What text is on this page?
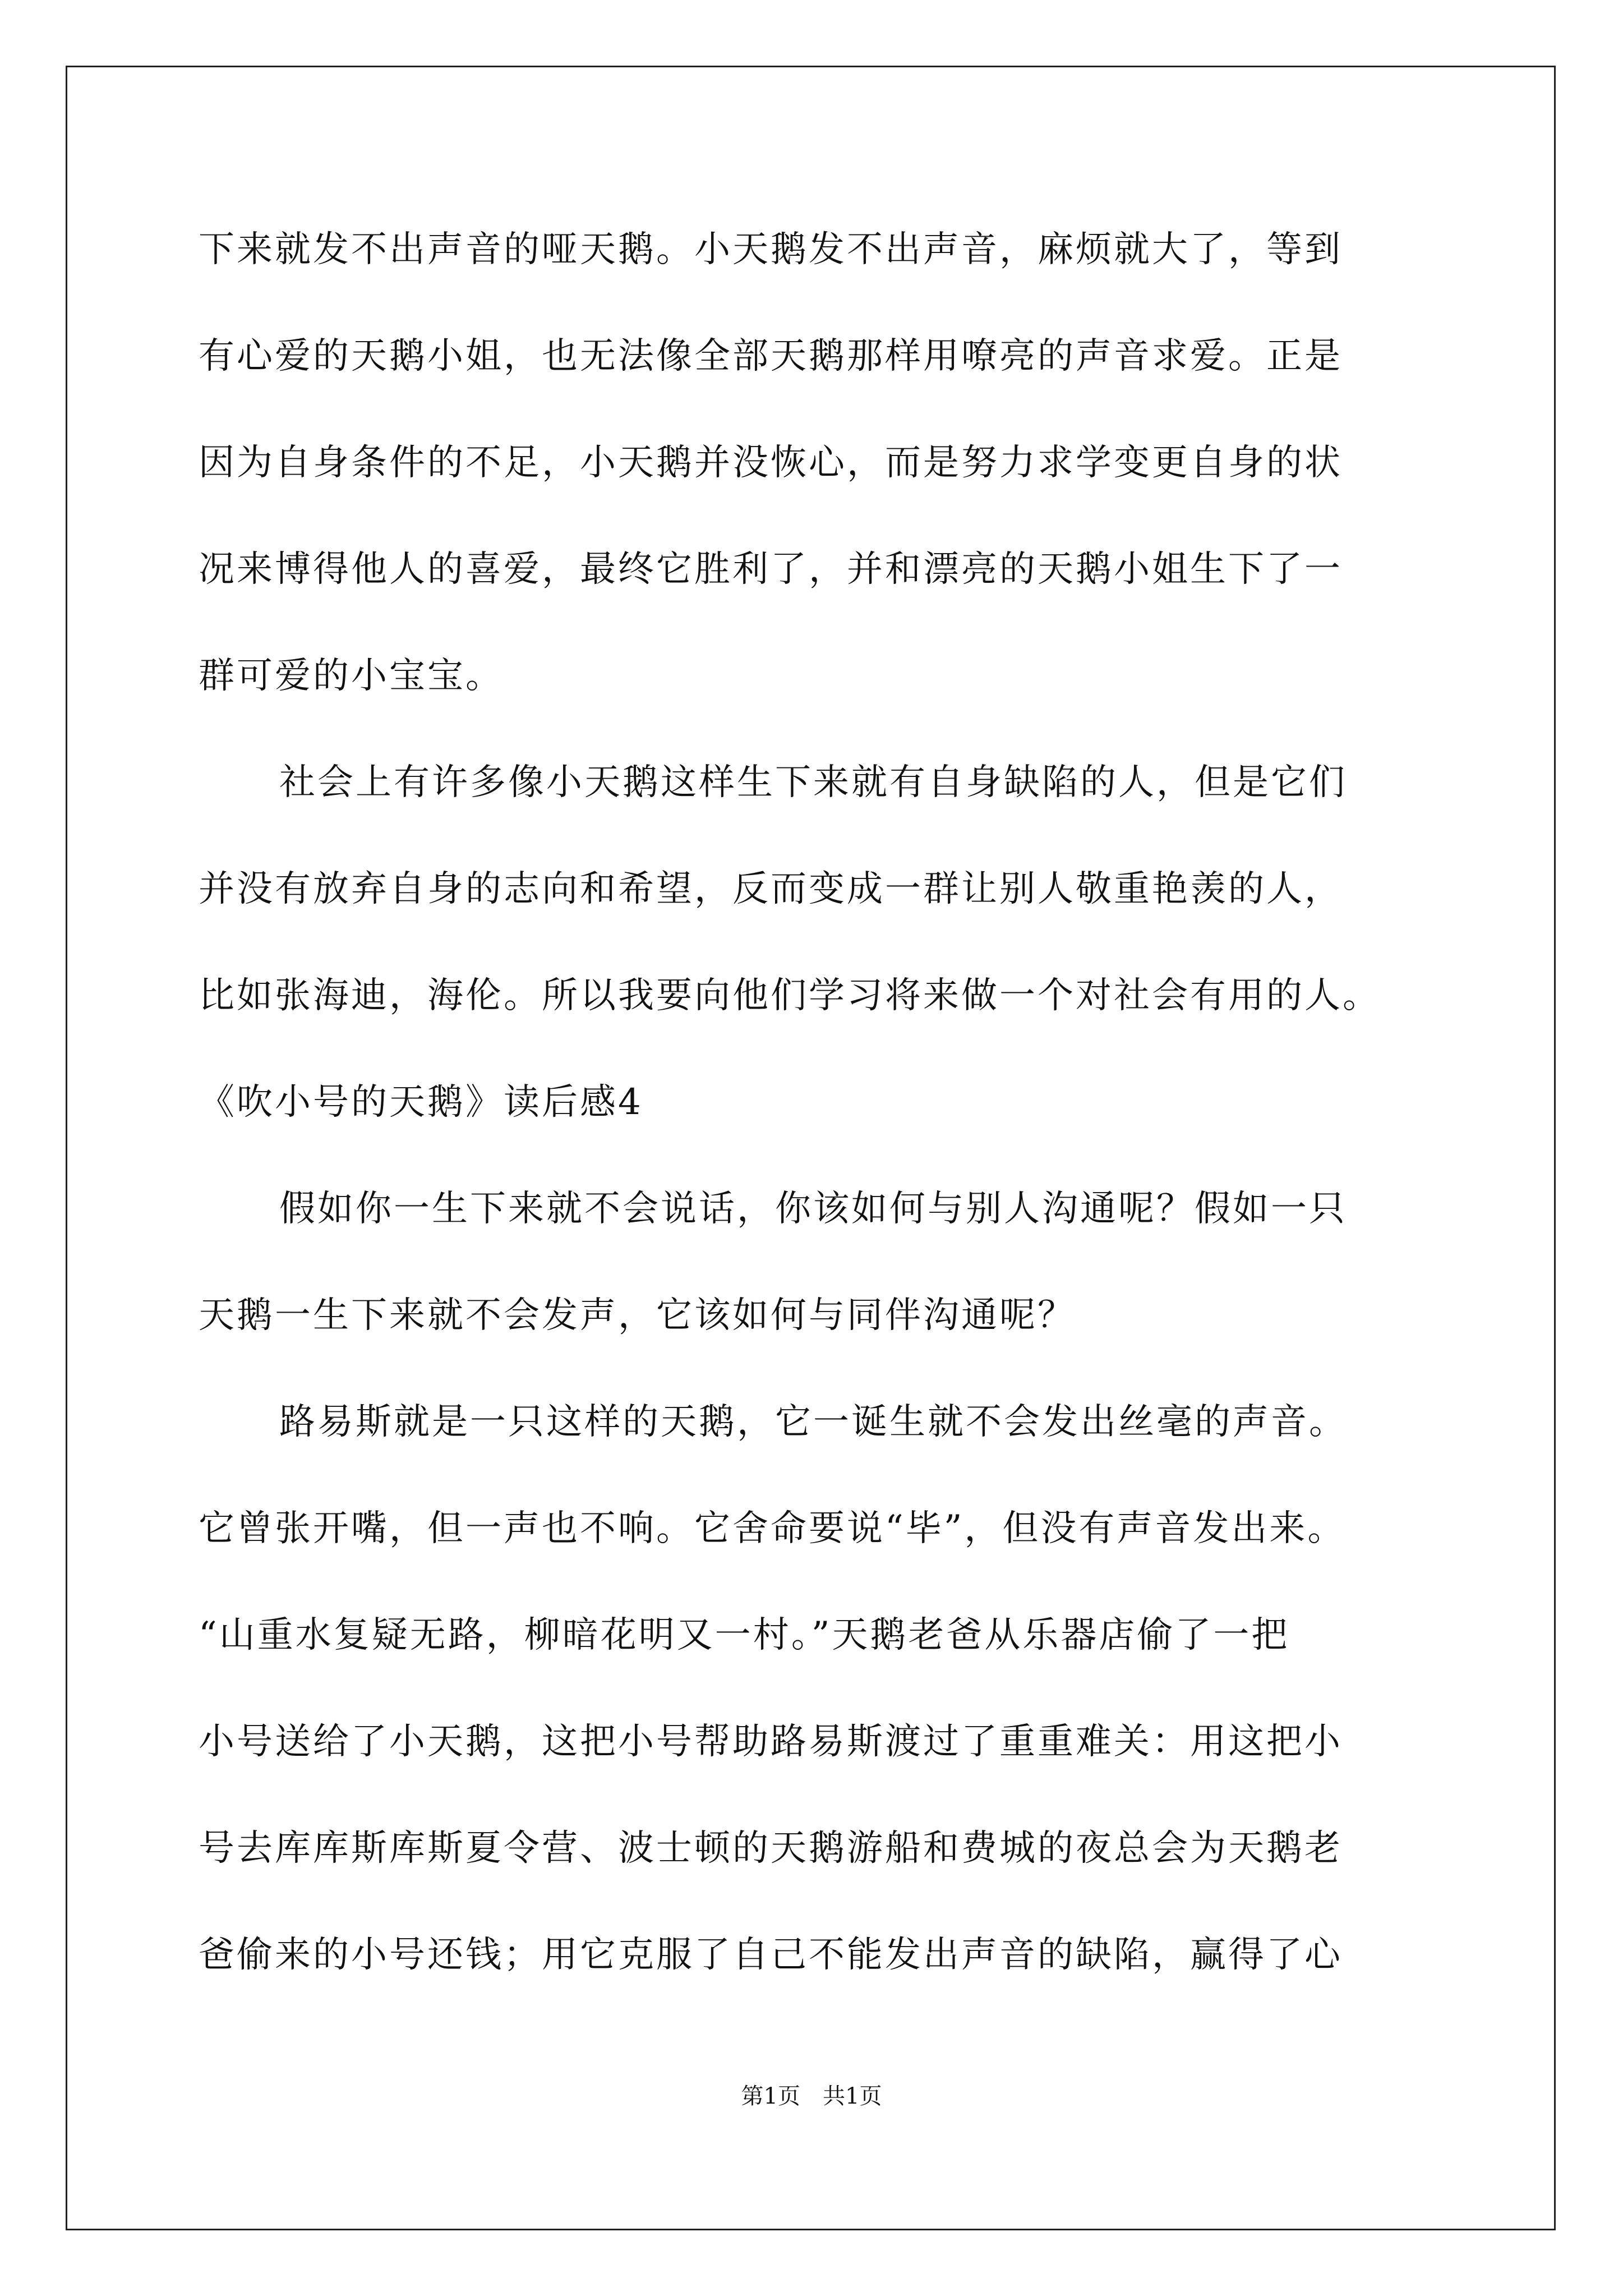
下来就发不出声音的哑天鹅。小天鹅发不出声音，麻烦就大了，等到
有心爱的天鹅小姐，也无法像全部天鹅那样用嘹亮的声音求爱。正是
因为自身条件的不足，小天鹅并没恢心，而是努力求学变更自身的状
况来博得他人的喜爱，最终它胜利了，并和漂亮的天鹅小姐生下了一
群可爱的小宝宝。
社会上有许多像小天鹅这样生下来就有自身缺陷的人，但是它们
并没有放弃自身的志向和希望，反而变成一群让别人敬重艳羡的人，
比如张海迪，海伦。所以我要向他们学习将来做一个对社会有用的人。
《吹小号的天鹅》读后感4
假如你一生下来就不会说话，你该如何与别人沟通呢？假如一只
天鹅一生下来就不会发声，它该如何与同伴沟通呢？
路易斯就是一只这样的天鹅，它一诞生就不会发出丝毫的声音。
它曾张开嘴，但一声也不响。它舍命要说“毕”，但没有声音发出来。
“山重水复疑无路，柳暗花明又一村。”天鹅老爸从乐器店偷了一把
小号送给了小天鹅，这把小号帮助路易斯渡过了重重难关：用这把小
号去库库斯库斯夏令营、波士顿的天鹅游船和费城的夜总会为天鹅老
爸偷来的小号还钱；用它克服了自己不能发出声音的缺陷，赢得了心
第1页　共1页
